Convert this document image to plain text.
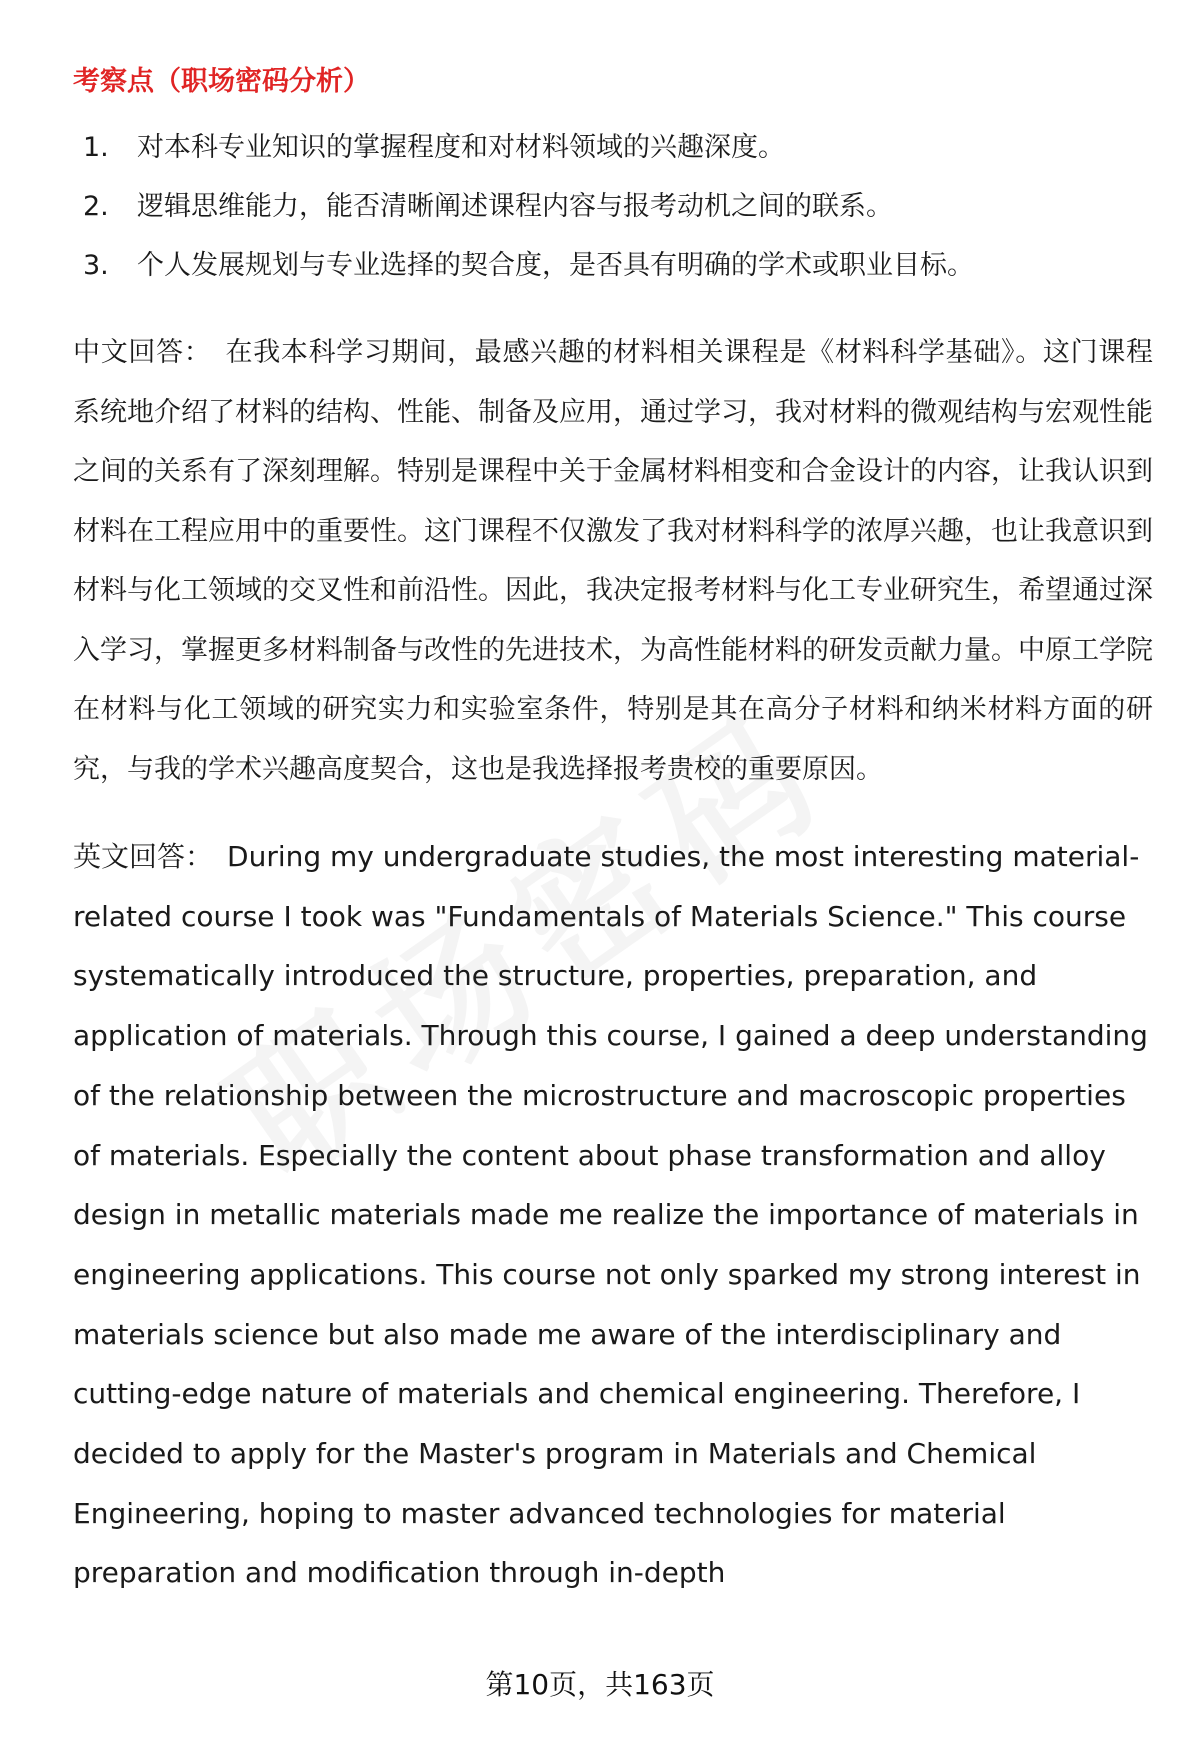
考察点（职场密码分析）
1.	对本科专业知识的掌握程度和对材料领域的兴趣深度。
2.	逻辑思维能力，能否清晰阐述课程内容与报考动机之间的联系。
3.	个人发展规划与专业选择的契合度，是否具有明确的学术或职业目标。

中文回答： 在我本科学习期间，最感兴趣的材料相关课程是《材料科学基础》。这门课程系统地介绍了材料的结构、性能、制备及应用，通过学习，我对材料的微观结构与宏观性能之间的关系有了深刻理解。特别是课程中关于金属材料相变和合金设计的内容，让我认识到材料在工程应用中的重要性。这门课程不仅激发了我对材料科学的浓厚兴趣，也让我意识到材料与化工领域的交叉性和前沿性。因此，我决定报考材料与化工专业研究生，希望通过深入学习，掌握更多材料制备与改性的先进技术，为高性能材料的研发贡献力量。中原工学院在材料与化工领域的研究实力和实验室条件，特别是其在高分子材料和纳米材料方面的研究，与我的学术兴趣高度契合，这也是我选择报考贵校的重要原因。

英文回答： During my undergraduate studies, the most interesting material-related course I took was "Fundamentals of Materials Science." This course systematically introduced the structure, properties, preparation, and application of materials. Through this course, I gained a deep understanding of the relationship between the microstructure and macroscopic properties of materials. Especially the content about phase transformation and alloy design in metallic materials made me realize the importance of materials in engineering applications. This course not only sparked my strong interest in materials science but also made me aware of the interdisciplinary and cutting-edge nature of materials and chemical engineering. Therefore, I decided to apply for the Master's program in Materials and Chemical Engineering, hoping to master advanced technologies for material preparation and modification through in-depth

第10页，共163页
